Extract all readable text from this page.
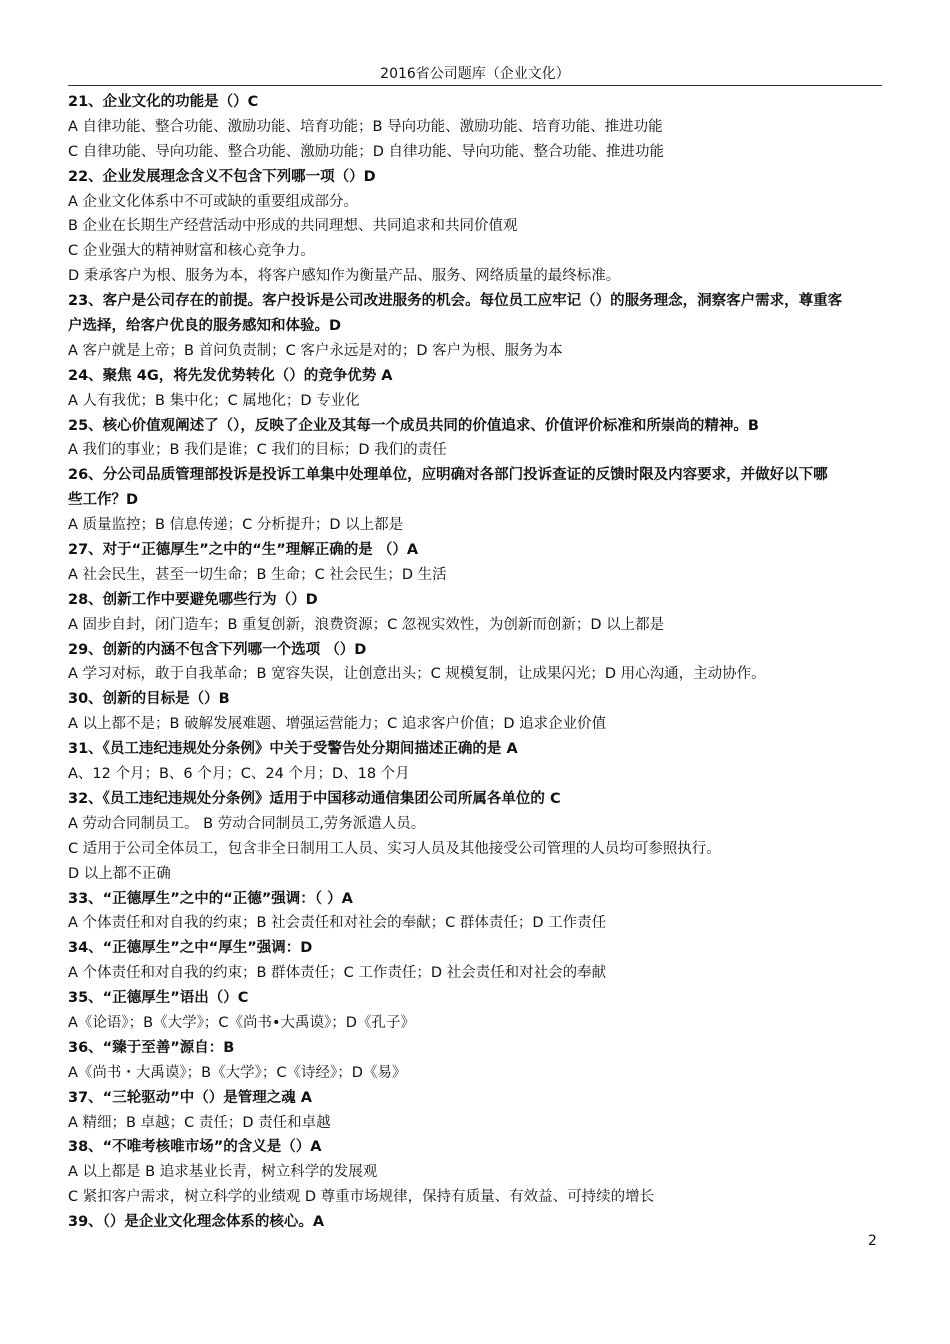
2016省公司题库（企业文化）
21、企业文化的功能是（）C
A 自律功能、整合功能、激励功能、培育功能；B 导向功能、激励功能、培育功能、推进功能
C 自律功能、导向功能、整合功能、激励功能；D 自律功能、导向功能、整合功能、推进功能
22、企业发展理念含义不包含下列哪一项（）D
A 企业文化体系中不可或缺的重要组成部分。
B 企业在长期生产经营活动中形成的共同理想、共同追求和共同价值观
C 企业强大的精神财富和核心竞争力。
D 秉承客户为根、服务为本，将客户感知作为衡量产品、服务、网络质量的最终标准。
23、客户是公司存在的前提。客户投诉是公司改进服务的机会。每位员工应牢记（）的服务理念，洞察客户需求，尊重客
户选择，给客户优良的服务感知和体验。D
A 客户就是上帝；B 首问负责制；C 客户永远是对的；D 客户为根、服务为本
24、聚焦 4G，将先发优势转化（）的竞争优势 A
A 人有我优；B 集中化；C 属地化；D 专业化
25、核心价值观阐述了（），反映了企业及其每一个成员共同的价值追求、价值评价标准和所崇尚的精神。B
A 我们的事业；B 我们是谁；C 我们的目标；D 我们的责任
26、分公司品质管理部投诉是投诉工单集中处理单位，应明确对各部门投诉查证的反馈时限及内容要求，并做好以下哪
些工作？D
A 质量监控；B 信息传递；C 分析提升；D 以上都是
27、对于“正德厚生”之中的“生”理解正确的是 （）A
A 社会民生，甚至一切生命；B 生命；C 社会民生；D 生活
28、创新工作中要避免哪些行为（）D
A 固步自封，闭门造车；B 重复创新，浪费资源；C 忽视实效性，为创新而创新；D 以上都是
29、创新的内涵不包含下列哪一个选项 （）D
A 学习对标，敢于自我革命；B 宽容失误，让创意出头；C 规模复制，让成果闪光；D 用心沟通，主动协作。
30、创新的目标是（）B
A 以上都不是；B 破解发展难题、增强运营能力；C 追求客户价值；D 追求企业价值
31、《员工违纪违规处分条例》中关于受警告处分期间描述正确的是 A
A、12 个月；B、6 个月；C、24 个月；D、18 个月
32、《员工违纪违规处分条例》适用于中国移动通信集团公司所属各单位的 C
A 劳动合同制员工。 B 劳动合同制员工,劳务派遣人员。
C 适用于公司全体员工，包含非全日制用工人员、实习人员及其他接受公司管理的人员均可参照执行。
D 以上都不正确
33、“正德厚生”之中的“正德”强调：（ ）A
A 个体责任和对自我的约束；B 社会责任和对社会的奉献；C 群体责任；D 工作责任
34、“正德厚生”之中“厚生”强调：D
A 个体责任和对自我的约束；B 群体责任；C 工作责任；D 社会责任和对社会的奉献
35、“正德厚生”语出（）C
A《论语》；B《大学》；C《尚书•大禹谟》；D《孔子》
36、“臻于至善”源自：B
A《尚书・大禹谟》；B《大学》；C《诗经》；D《易》
37、“三轮驱动”中（）是管理之魂 A
A 精细；B 卓越；C 责任；D 责任和卓越
38、“不唯考核唯市场”的含义是（）A
A 以上都是 B 追求基业长青，树立科学的发展观
C 紧扣客户需求，树立科学的业绩观 D 尊重市场规律，保持有质量、有效益、可持续的增长
39、（）是企业文化理念体系的核心。A
2
